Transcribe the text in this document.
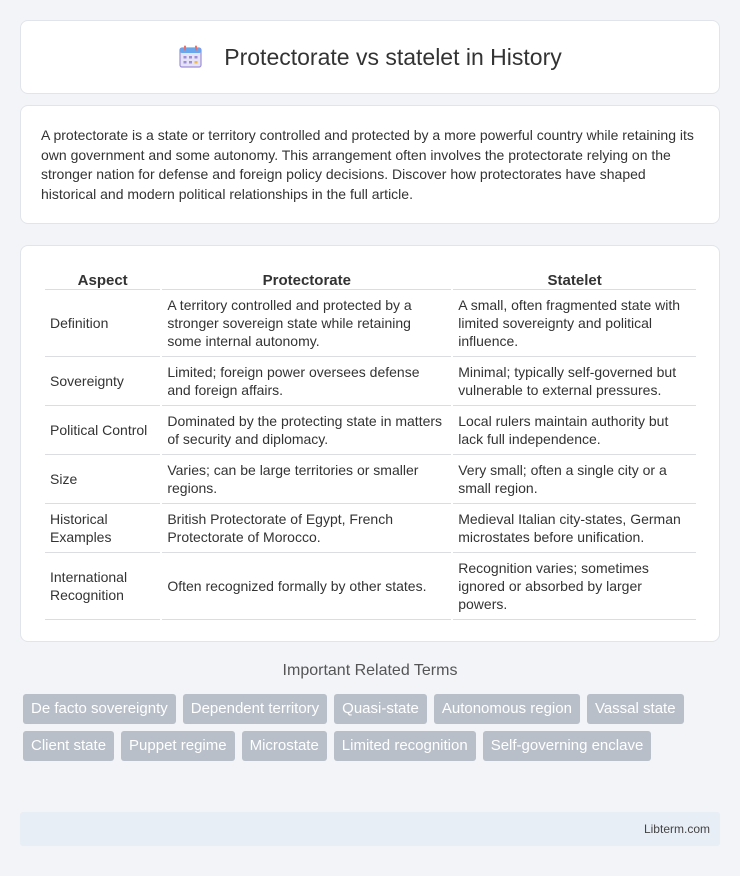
Protectorate vs statelet in History

A protectorate is a state or territory controlled and protected by a more powerful country while retaining its own government and some autonomy. This arrangement often involves the protectorate relying on the stronger nation for defense and foreign policy decisions. Discover how protectorates have shaped historical and modern political relationships in the full article.

Aspect	Protectorate	Statelet
Definition	A territory controlled and protected by a stronger sovereign state while retaining some internal autonomy.	A small, often fragmented state with limited sovereignty and political influence.
Sovereignty	Limited; foreign power oversees defense and foreign affairs.	Minimal; typically self-governed but vulnerable to external pressures.
Political Control	Dominated by the protecting state in matters of security and diplomacy.	Local rulers maintain authority but lack full independence.
Size	Varies; can be large territories or smaller regions.	Very small; often a single city or a small region.
Historical Examples	British Protectorate of Egypt, French Protectorate of Morocco.	Medieval Italian city-states, German microstates before unification.
International Recognition	Often recognized formally by other states.	Recognition varies; sometimes ignored or absorbed by larger powers.
Important Related Terms
De facto sovereignty	Dependent territory	Quasi-state	Autonomous region	Vassal state
Client state	Puppet regime	Microstate	Limited recognition	Self-governing enclave
Libterm.com
